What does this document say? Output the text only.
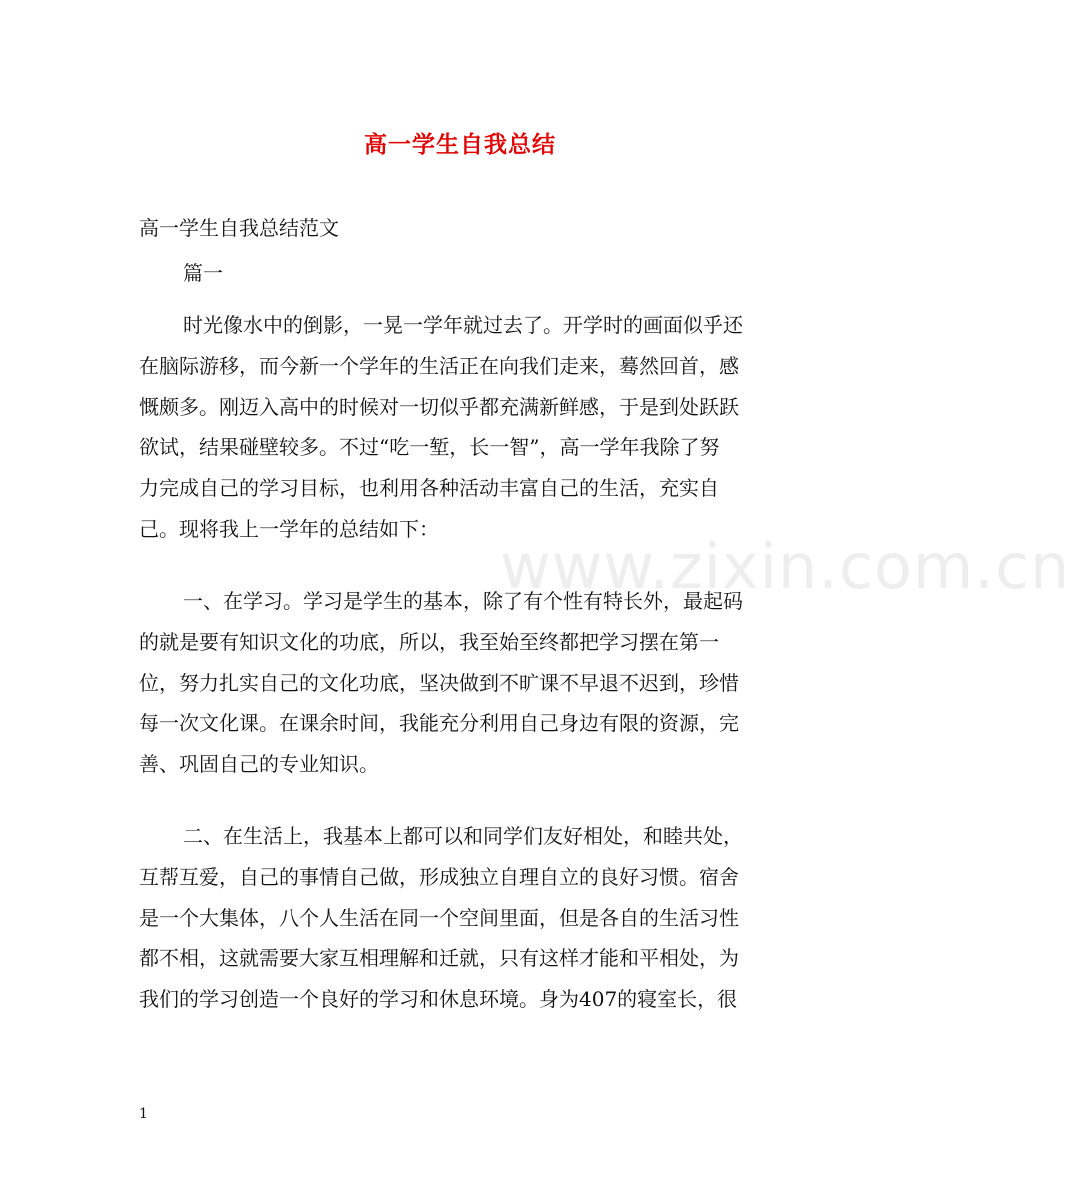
高一学生自我总结
高一学生自我总结范文
篇一
时光像水中的倒影，一晃一学年就过去了。开学时的画面似乎还
在脑际游移，而今新一个学年的生活正在向我们走来，蓦然回首，感
慨颇多。刚迈入高中的时候对一切似乎都充满新鲜感，于是到处跃跃
欲试，结果碰壁较多。不过“吃一堑，长一智”，高一学年我除了努
力完成自己的学习目标，也利用各种活动丰富自己的生活，充实自
己。现将我上一学年的总结如下：
一、在学习。学习是学生的基本，除了有个性有特长外，最起码
的就是要有知识文化的功底，所以，我至始至终都把学习摆在第一
位，努力扎实自己的文化功底，坚决做到不旷课不早退不迟到，珍惜
每一次文化课。在课余时间，我能充分利用自己身边有限的资源，完
善、巩固自己的专业知识。
二、在生活上，我基本上都可以和同学们友好相处，和睦共处，
互帮互爱，自己的事情自己做，形成独立自理自立的良好习惯。宿舍
是一个大集体，八个人生活在同一个空间里面，但是各自的生活习性
都不相，这就需要大家互相理解和迁就，只有这样才能和平相处，为
我们的学习创造一个良好的学习和休息环境。身为407的寝室长，很
www.zixin.com.cn
1
